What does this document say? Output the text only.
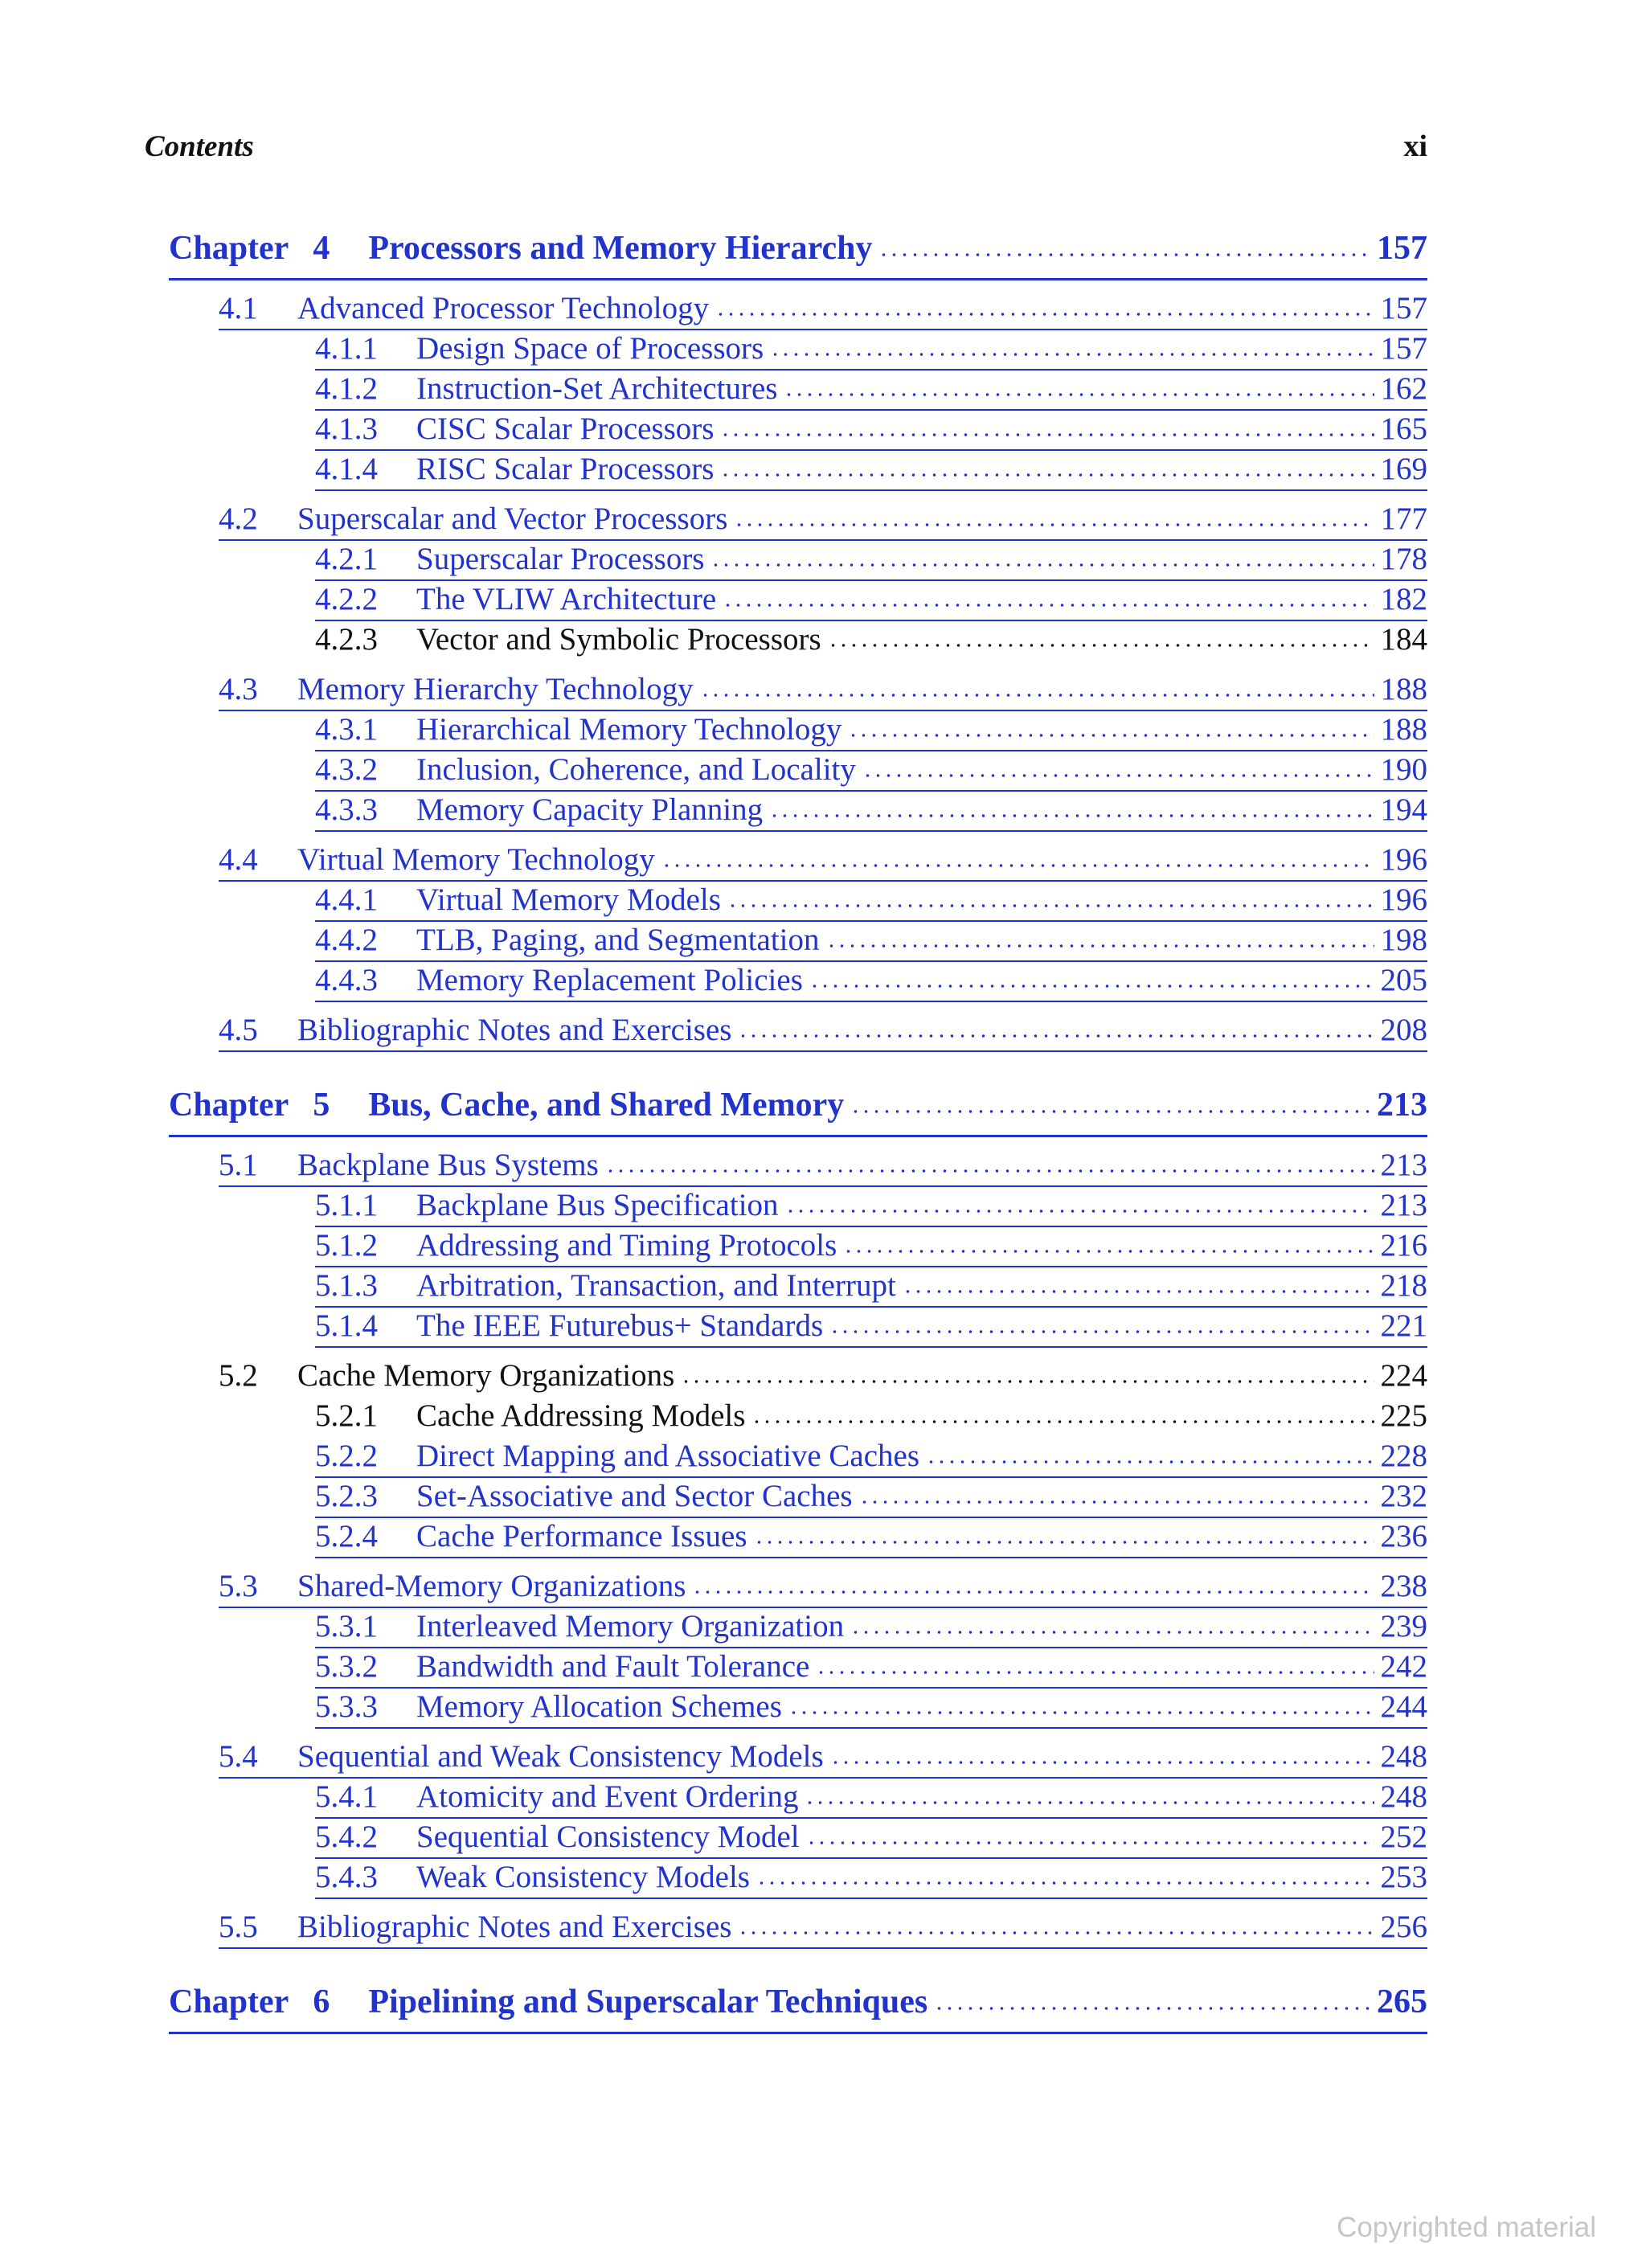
Contents	xi
Chapter 4 Processors and Memory Hierarchy	157
4.1	Advanced Processor Technology	157
4.1.1	Design Space of Processors	157
4.1.2	Instruction-Set Architectures	162
4.1.3	CISC Scalar Processors	165
4.1.4	RISC Scalar Processors	169
4.2	Superscalar and Vector Processors	177
4.2.1	Superscalar Processors	178
4.2.2	The VLIW Architecture	182
4.2.3	Vector and Symbolic Processors	184
4.3	Memory Hierarchy Technology	188
4.3.1	Hierarchical Memory Technology	188
4.3.2	Inclusion, Coherence, and Locality	190
4.3.3	Memory Capacity Planning	194
4.4	Virtual Memory Technology	196
4.4.1	Virtual Memory Models	196
4.4.2	TLB, Paging, and Segmentation	198
4.4.3	Memory Replacement Policies	205
4.5	Bibliographic Notes and Exercises	208
Chapter 5 Bus, Cache, and Shared Memory	213
5.1	Backplane Bus Systems	213
5.1.1	Backplane Bus Specification	213
5.1.2	Addressing and Timing Protocols	216
5.1.3	Arbitration, Transaction, and Interrupt	218
5.1.4	The IEEE Futurebus+ Standards	221
5.2	Cache Memory Organizations	224
5.2.1	Cache Addressing Models	225
5.2.2	Direct Mapping and Associative Caches	228
5.2.3	Set-Associative and Sector Caches	232
5.2.4	Cache Performance Issues	236
5.3	Shared-Memory Organizations	238
5.3.1	Interleaved Memory Organization	239
5.3.2	Bandwidth and Fault Tolerance	242
5.3.3	Memory Allocation Schemes	244
5.4	Sequential and Weak Consistency Models	248
5.4.1	Atomicity and Event Ordering	248
5.4.2	Sequential Consistency Model	252
5.4.3	Weak Consistency Models	253
5.5	Bibliographic Notes and Exercises	256
Chapter 6 Pipelining and Superscalar Techniques	265
Copyrighted material
